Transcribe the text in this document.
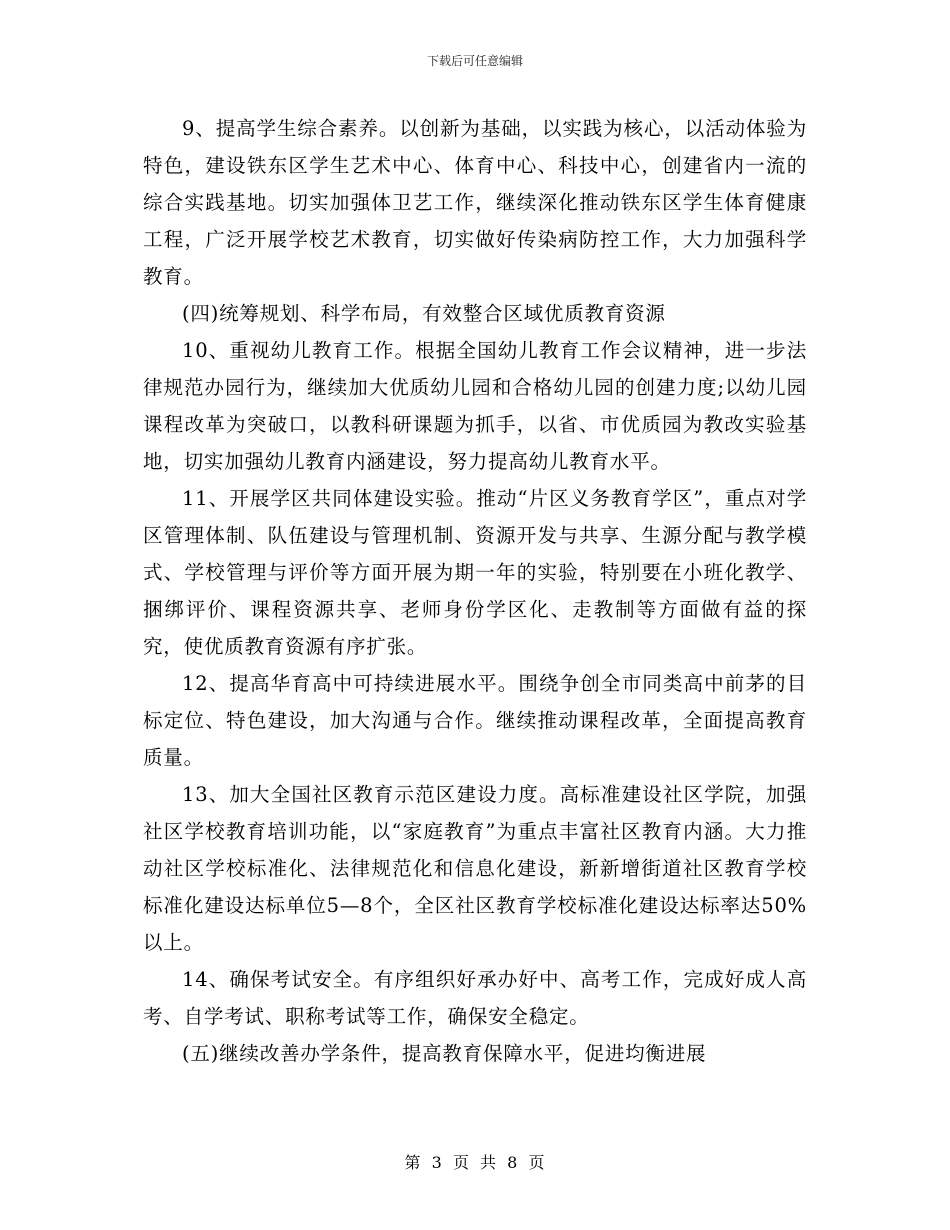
下载后可任意编辑

9、提高学生综合素养。以创新为基础，以实践为核心，以活动体验为特色，建设铁东区学生艺术中心、体育中心、科技中心，创建省内一流的综合实践基地。切实加强体卫艺工作，继续深化推动铁东区学生体育健康工程，广泛开展学校艺术教育，切实做好传染病防控工作，大力加强科学教育。

(四)统筹规划、科学布局，有效整合区域优质教育资源

10、重视幼儿教育工作。根据全国幼儿教育工作会议精神，进一步法律规范办园行为，继续加大优质幼儿园和合格幼儿园的创建力度;以幼儿园课程改革为突破口，以教科研课题为抓手，以省、市优质园为教改实验基地，切实加强幼儿教育内涵建设，努力提高幼儿教育水平。

11、开展学区共同体建设实验。推动“片区义务教育学区”，重点对学区管理体制、队伍建设与管理机制、资源开发与共享、生源分配与教学模式、学校管理与评价等方面开展为期一年的实验，特别要在小班化教学、捆绑评价、课程资源共享、老师身份学区化、走教制等方面做有益的探究，使优质教育资源有序扩张。

12、提高华育高中可持续进展水平。围绕争创全市同类高中前茅的目标定位、特色建设，加大沟通与合作。继续推动课程改革，全面提高教育质量。

13、加大全国社区教育示范区建设力度。高标准建设社区学院，加强社区学校教育培训功能，以“家庭教育”为重点丰富社区教育内涵。大力推动社区学校标准化、法律规范化和信息化建设，新新增街道社区教育学校标准化建设达标单位5—8个，全区社区教育学校标准化建设达标率达50%以上。

14、确保考试安全。有序组织好承办好中、高考工作，完成好成人高考、自学考试、职称考试等工作，确保安全稳定。

(五)继续改善办学条件，提高教育保障水平，促进均衡进展

第 3 页 共 8 页
